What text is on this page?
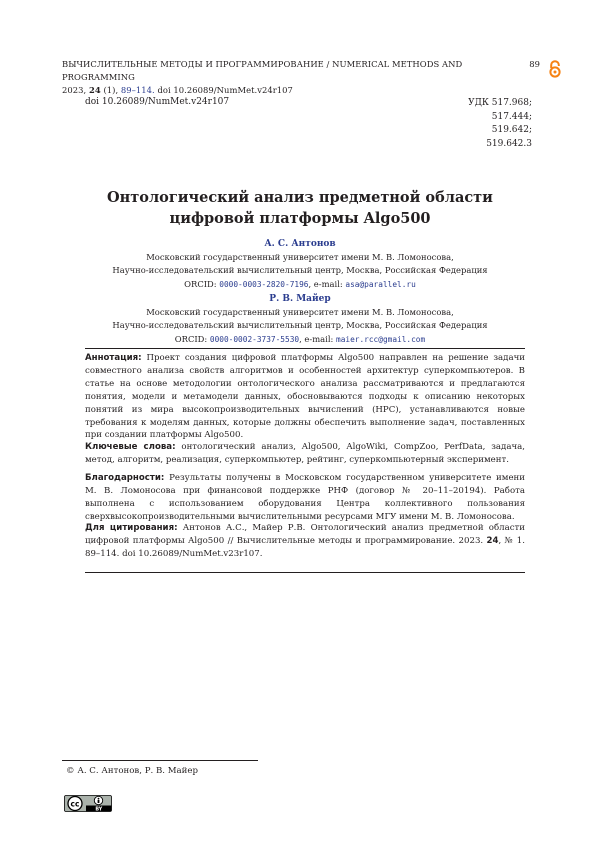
ВЫЧИСЛИТЕЛЬНЫЕ МЕТОДЫ И ПРОГРАММИРОВАНИЕ / NUMERICAL METHODS AND PROGRAMMING
89
2023, 24 (1), 89–114. doi 10.26089/NumMet.v24r107
doi 10.26089/NumMet.v24r107	УДК 517.968;
517.444;
519.642;
519.642.3
Онтологический анализ предметной области
цифровой платформы Algo500
А. С. Антонов
Московский государственный университет имени М. В. Ломоносова,
Научно-исследовательский вычислительный центр, Москва, Российская Федерация
ORCID: 0000-0003-2820-7196, e-mail: asa@parallel.ru
Р. В. Майер
Московский государственный университет имени М. В. Ломоносова,
Научно-исследовательский вычислительный центр, Москва, Российская Федерация
ORCID: 0000-0002-3737-5530, e-mail: maier.rcc@gmail.com
Аннотация: Проект создания цифровой платформы Algo500 направлен на решение задачи совместного анализа свойств алгоритмов и особенностей архитектур суперкомпьютеров. В статье на основе методологии онтологического анализа рассматриваются и предлагаются понятия, модели и метамодели данных, обосновываются подходы к описанию некоторых понятий из мира высокопроизводительных вычислений (HPC), устанавливаются новые требования к моделям данных, которые должны обеспечить выполнение задач, поставленных при создании платформы Algo500.
Ключевые слова: онтологический анализ, Algo500, AlgoWiki, CompZoo, PerfData, задача, метод, алгоритм, реализация, суперкомпьютер, рейтинг, суперкомпьютерный эксперимент.
Благодарности: Результаты получены в Московском государственном университете имени М. В. Ломоносова при финансовой поддержке РНФ (договор № 20–11–20194). Работа выполнена с использованием оборудования Центра коллективного пользования сверхвысокопроизводительными вычислительными ресурсами МГУ имени М. В. Ломоносова.
Для цитирования: Антонов А.С., Майер Р.В. Онтологический анализ предметной области цифровой платформы Algo500 // Вычислительные методы и программирование. 2023. 24, № 1. 89–114. doi 10.26089/NumMet.v23r107.
© А. С. Антонов, Р. В. Майер
cc
BY
